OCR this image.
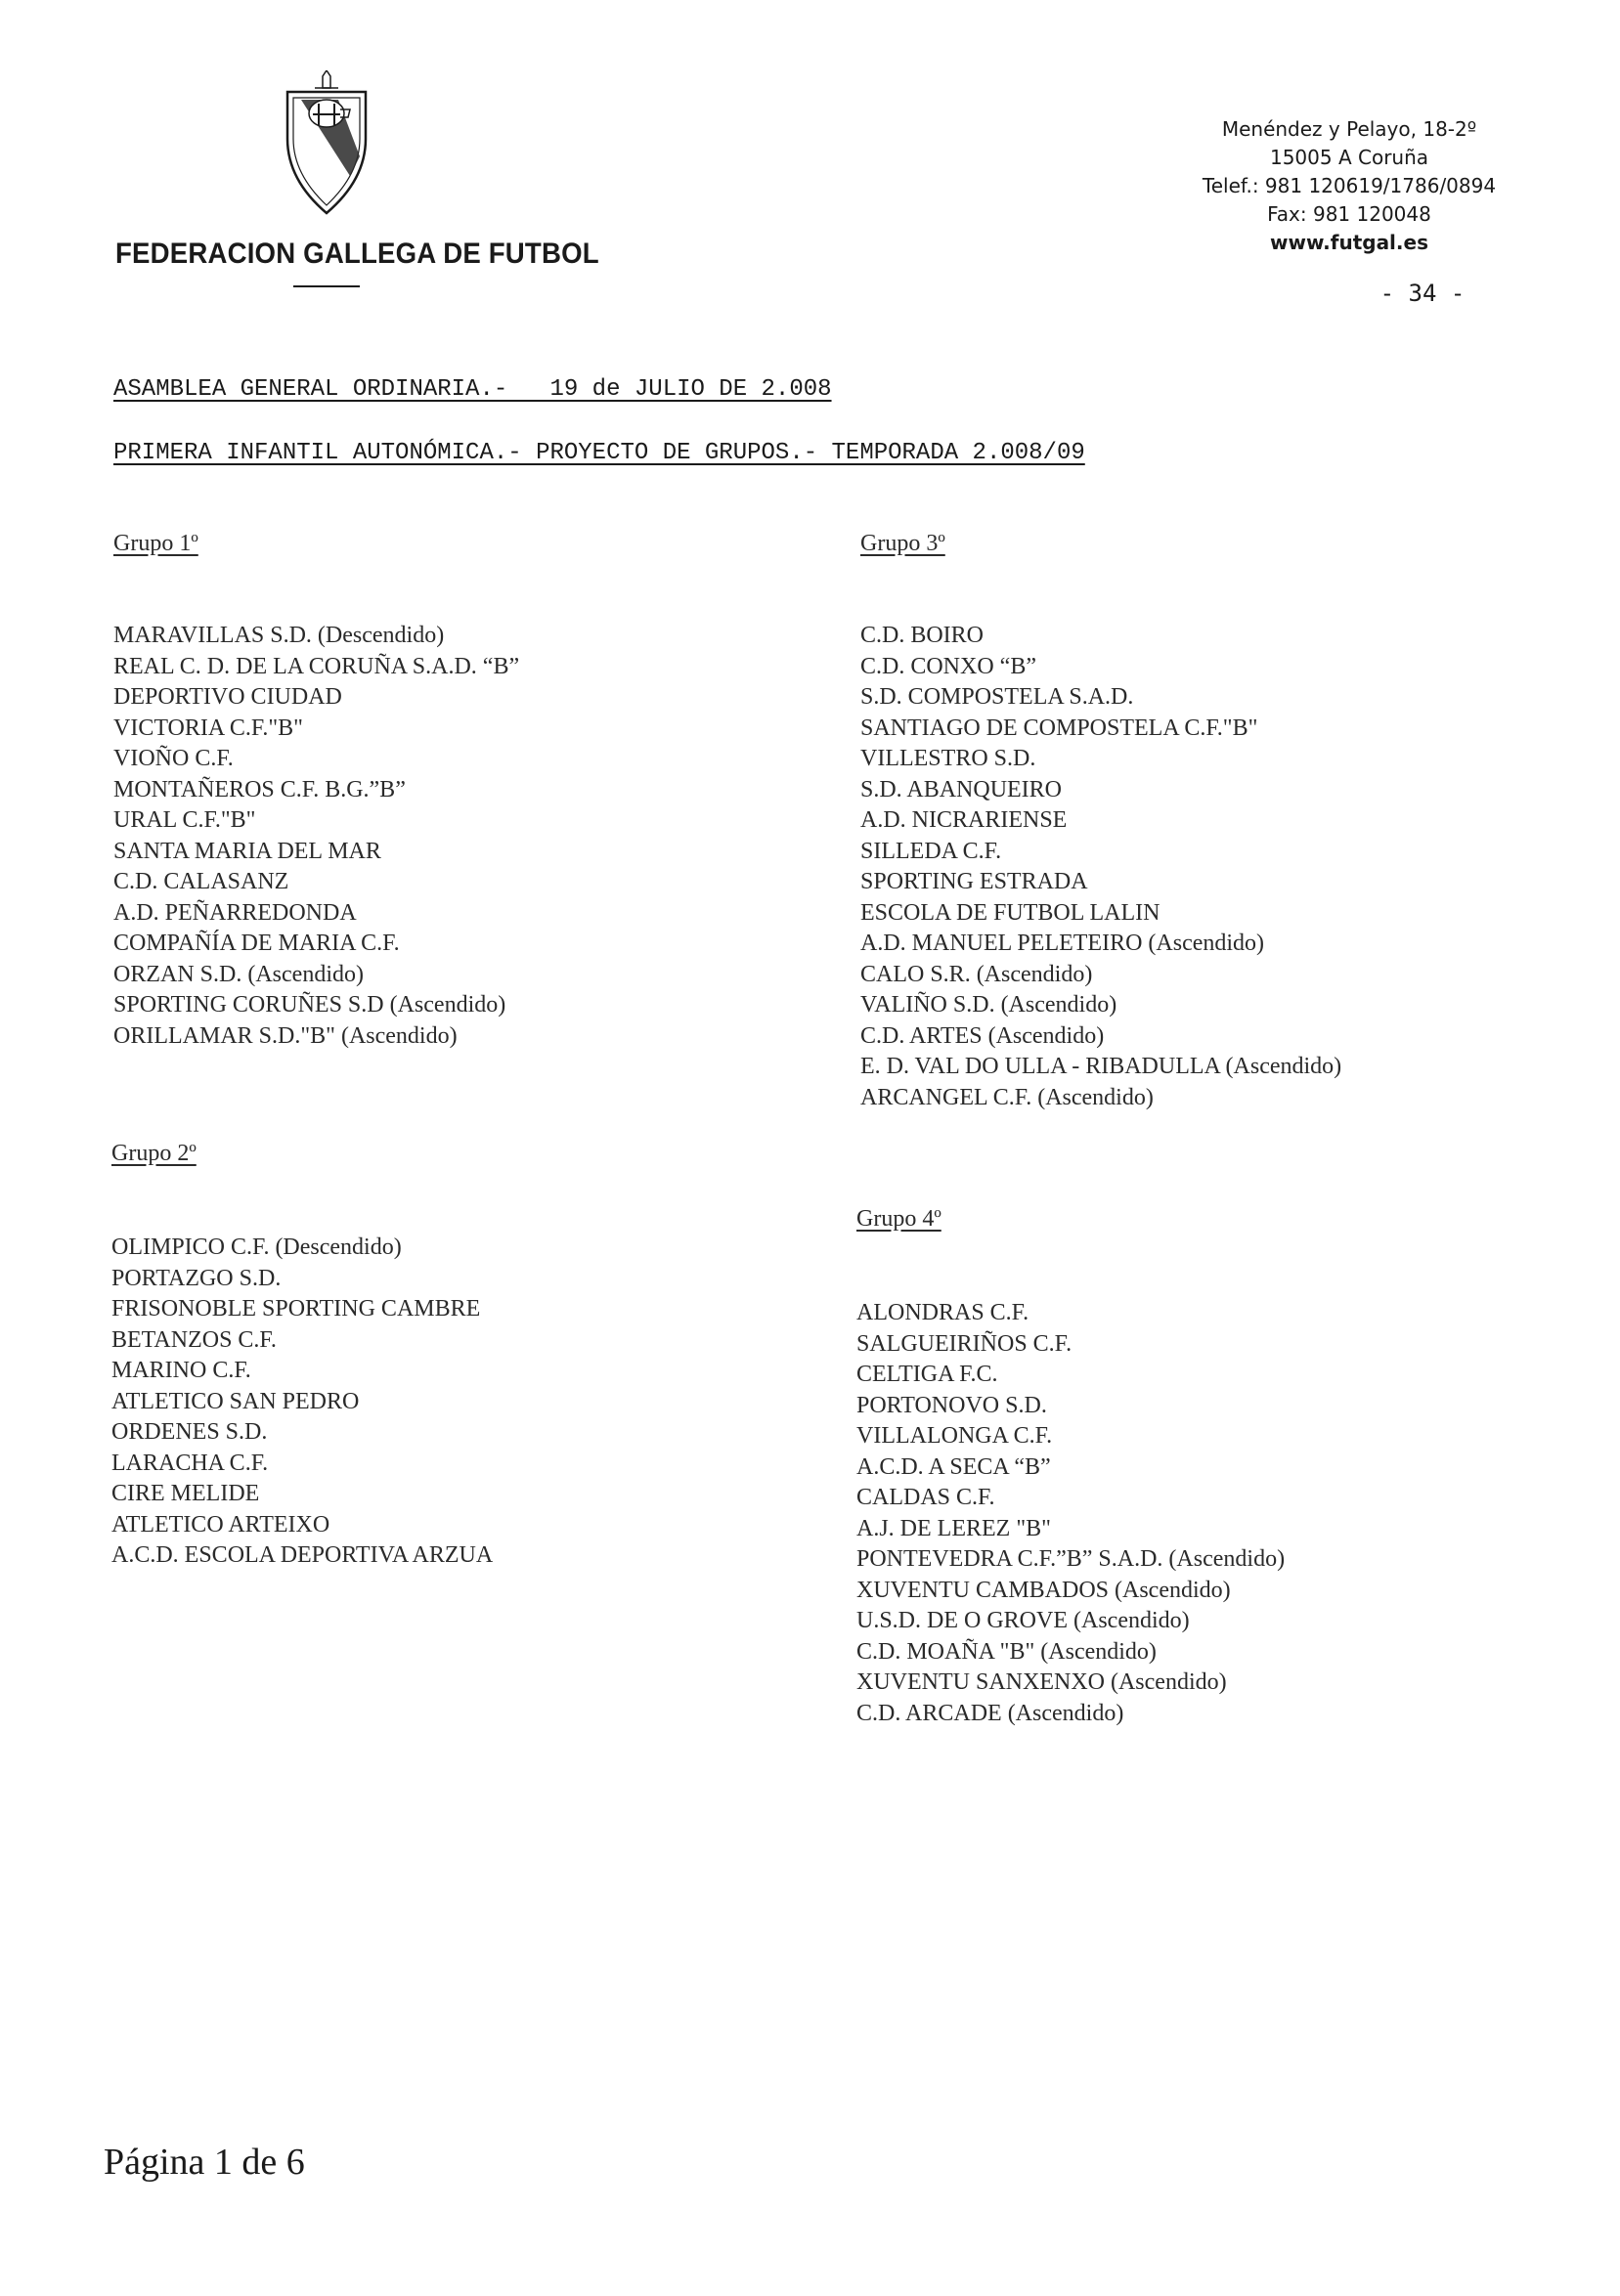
FEDERACION GALLEGA DE FUTBOL
Menéndez y Pelayo, 18-2º
15005 A Coruña
Telef.: 981 120619/1786/0894
Fax: 981 120048
www.futgal.es
- 34 -
ASAMBLEA GENERAL ORDINARIA.-   19 de JULIO DE 2.008
PRIMERA INFANTIL AUTONÓMICA.- PROYECTO DE GRUPOS.- TEMPORADA 2.008/09
Grupo 1º
MARAVILLAS S.D. (Descendido)
REAL C. D. DE LA CORUÑA S.A.D. “B”
DEPORTIVO CIUDAD
VICTORIA C.F."B"
VIOÑO C.F.
MONTAÑEROS C.F. B.G.”B”
URAL C.F."B"
SANTA MARIA DEL MAR
C.D. CALASANZ
A.D. PEÑARREDONDA
COMPAÑÍA DE MARIA C.F.
ORZAN S.D. (Ascendido)
SPORTING CORUÑES S.D (Ascendido)
ORILLAMAR S.D."B" (Ascendido)
Grupo 2º
OLIMPICO C.F. (Descendido)
PORTAZGO S.D.
FRISONOBLE SPORTING CAMBRE
BETANZOS C.F.
MARINO C.F.
ATLETICO SAN PEDRO
ORDENES S.D.
LARACHA C.F.
CIRE MELIDE
ATLETICO ARTEIXO
A.C.D. ESCOLA DEPORTIVA ARZUA
Grupo 3º
C.D. BOIRO
C.D. CONXO “B”
S.D. COMPOSTELA S.A.D.
SANTIAGO DE COMPOSTELA C.F."B"
VILLESTRO S.D.
S.D. ABANQUEIRO
A.D. NICRARIENSE
SILLEDA C.F.
SPORTING ESTRADA
ESCOLA DE FUTBOL LALIN
A.D. MANUEL PELETEIRO (Ascendido)
CALO S.R. (Ascendido)
VALIÑO S.D. (Ascendido)
C.D. ARTES (Ascendido)
E. D. VAL DO ULLA - RIBADULLA (Ascendido)
ARCANGEL C.F. (Ascendido)
Grupo 4º
ALONDRAS C.F.
SALGUEIRIÑOS C.F.
CELTIGA F.C.
PORTONOVO S.D.
VILLALONGA C.F.
A.C.D. A SECA “B”
CALDAS C.F.
A.J. DE LEREZ "B"
PONTEVEDRA C.F.”B” S.A.D. (Ascendido)
XUVENTU CAMBADOS (Ascendido)
U.S.D. DE O GROVE (Ascendido)
C.D. MOAÑA "B" (Ascendido)
XUVENTU SANXENXO (Ascendido)
C.D. ARCADE (Ascendido)
Página 1 de 6
